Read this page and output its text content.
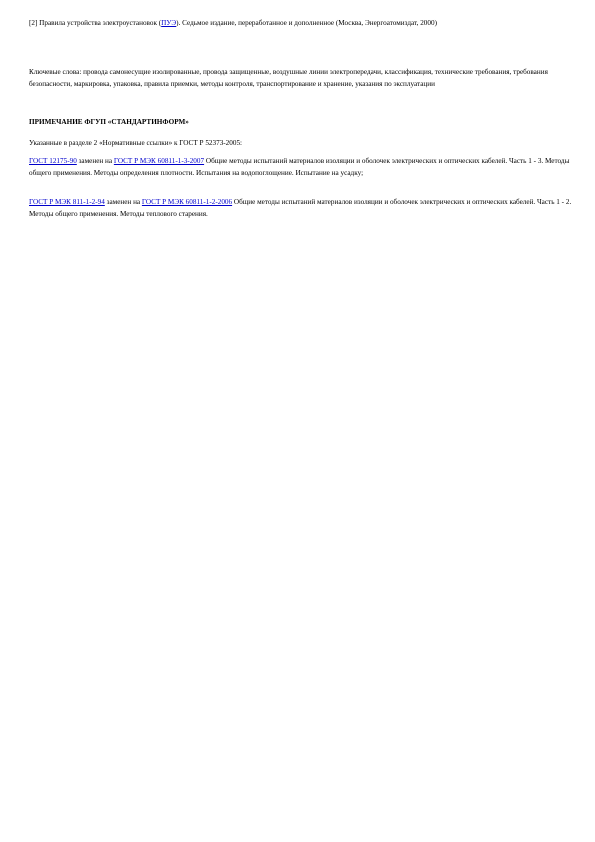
[2] Правила устройства электроустановок (ПУЭ). Седьмое издание, переработанное и дополненное (Москва, Энергоатомиздат, 2000)
Ключевые слова: провода самонесущие изолированные, провода защищенные, воздушные линии электропередачи, классификация, технические требования, требования безопасности, маркировка, упаковка, правила приемки, методы контроля, транспортирование и хранение, указания по эксплуатации
ПРИМЕЧАНИЕ ФГУП «СТАНДАРТИНФОРМ»
Указанные в разделе 2 «Нормативные ссылки» к ГОСТ Р 52373-2005:
ГОСТ 12175-90 заменен на ГОСТ Р МЭК 60811-1-3-2007 Общие методы испытаний материалов изоляции и оболочек электрических и оптических кабелей. Часть 1 - 3. Методы общего применения. Методы определения плотности. Испытания на водопоглощение. Испытание на усадку;
ГОСТ Р МЭК 811-1-2-94 заменен на ГОСТ Р МЭК 60811-1-2-2006 Общие методы испытаний материалов изоляции и оболочек электрических и оптических кабелей. Часть 1 - 2. Методы общего применения. Методы теплового старения.
